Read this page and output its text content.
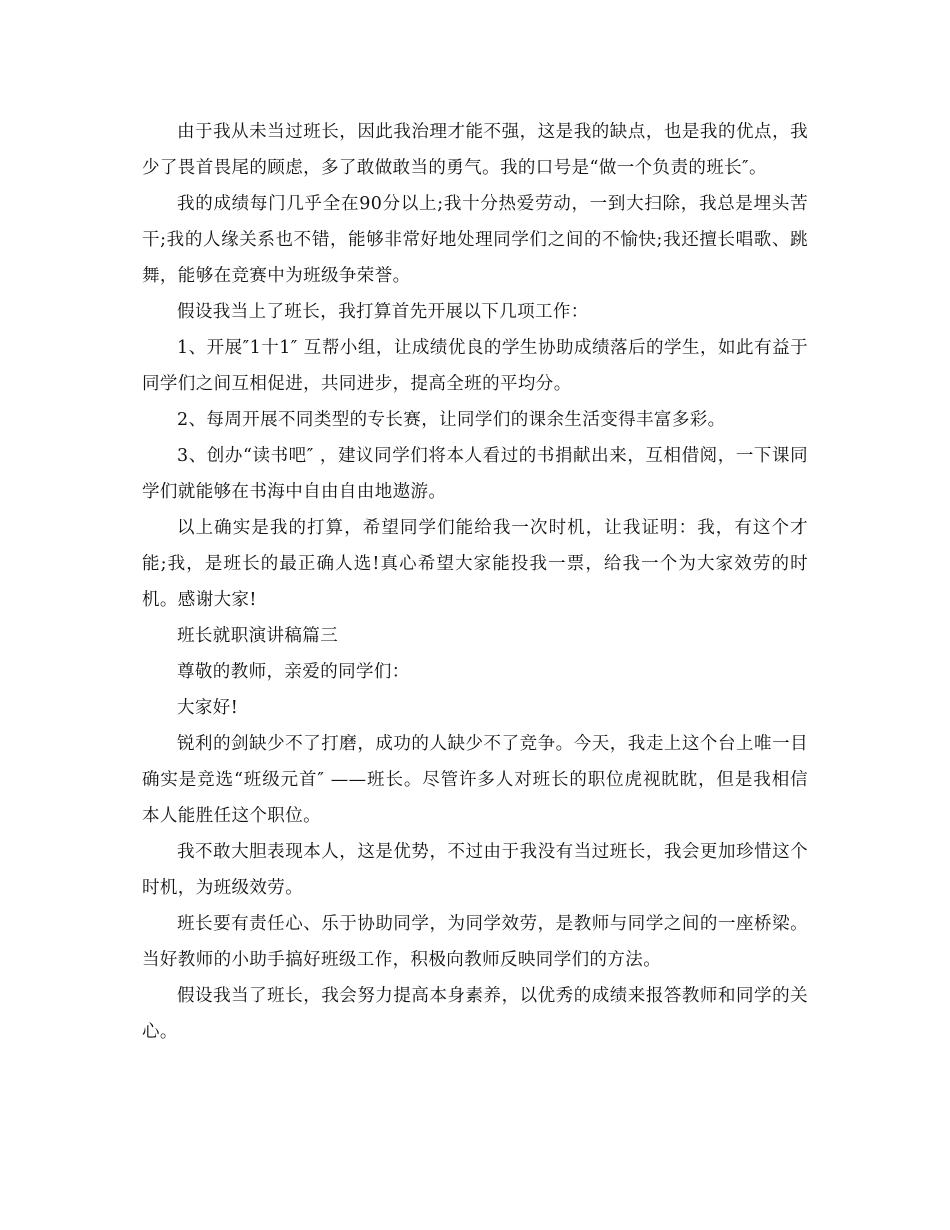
由于我从未当过班长，因此我治理才能不强，这是我的缺点，也是我的优点，我少了畏首畏尾的顾虑，多了敢做敢当的勇气。我的口号是“做一个负责的班长″。

我的成绩每门几乎全在90分以上;我十分热爱劳动，一到大扫除，我总是埋头苦干;我的人缘关系也不错，能够非常好地处理同学们之间的不愉快;我还擅长唱歌、跳舞，能够在竞赛中为班级争荣誉。

假设我当上了班长，我打算首先开展以下几项工作：

1、开展″1十1″ 互帮小组，让成绩优良的学生协助成绩落后的学生，如此有益于同学们之间互相促进，共同进步，提高全班的平均分。

2、每周开展不同类型的专长赛，让同学们的课余生活变得丰富多彩。

3、创办“读书吧″ ，建议同学们将本人看过的书捐献出来，互相借阅，一下课同学们就能够在书海中自由自由地遨游。

以上确实是我的打算，希望同学们能给我一次时机，让我证明：我，有这个才能;我，是班长的最正确人选!真心希望大家能投我一票，给我一个为大家效劳的时机。感谢大家!

班长就职演讲稿篇三

尊敬的教师，亲爱的同学们：

大家好!

锐利的剑缺少不了打磨，成功的人缺少不了竞争。今天，我走上这个台上唯一目确实是竞选“班级元首″ ——班长。尽管许多人对班长的职位虎视眈眈，但是我相信本人能胜任这个职位。

我不敢大胆表现本人，这是优势，不过由于我没有当过班长，我会更加珍惜这个时机，为班级效劳。

班长要有责任心、乐于协助同学，为同学效劳，是教师与同学之间的一座桥梁。当好教师的小助手搞好班级工作，积极向教师反映同学们的方法。

假设我当了班长，我会努力提高本身素养，以优秀的成绩来报答教师和同学的关心。
